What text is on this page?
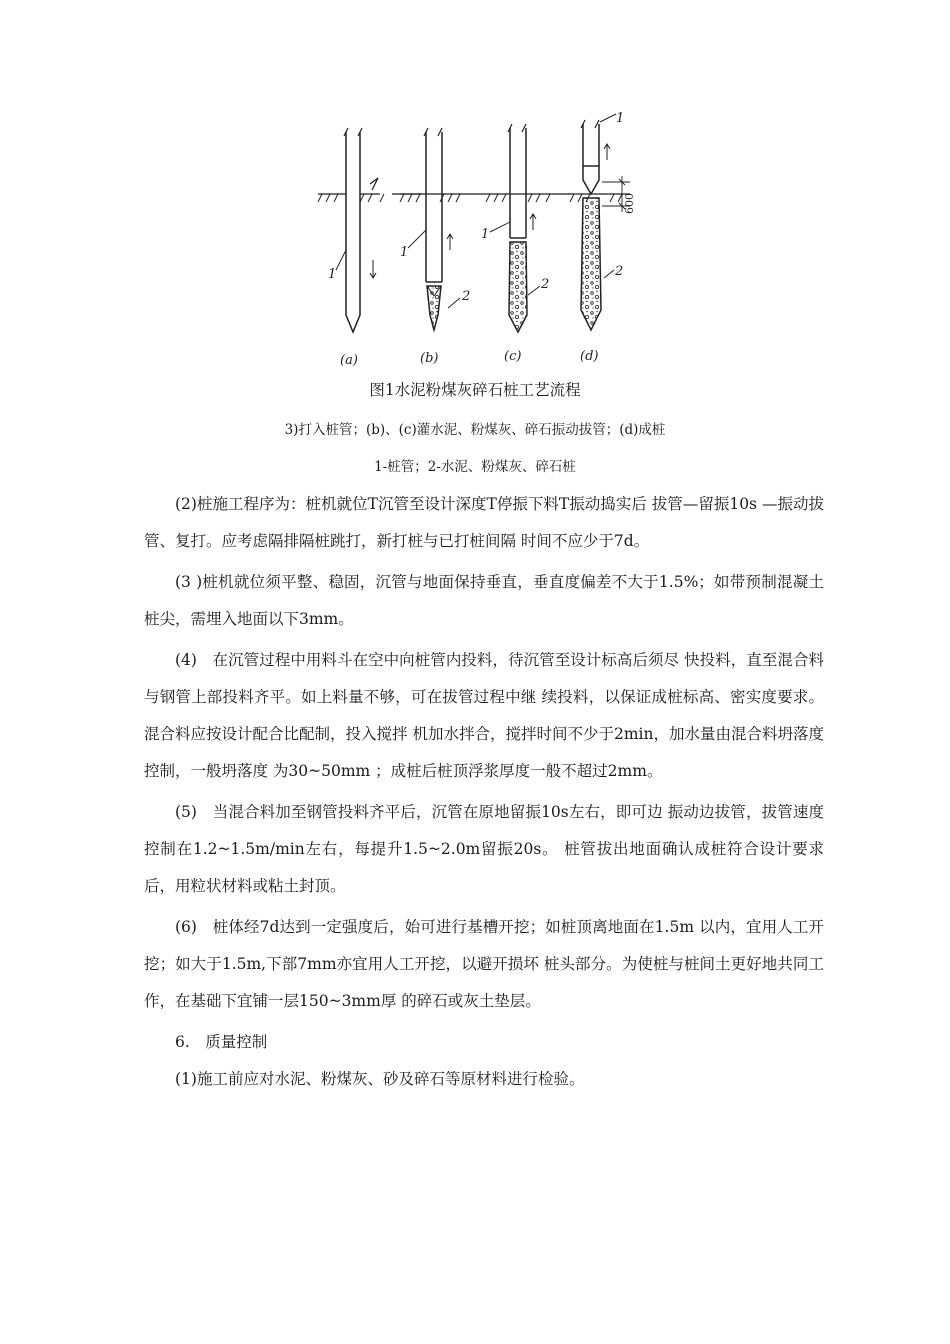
1
1
2
1
2
1
2
600
(a)	(b)	(c)	(d)
图1水泥粉煤灰碎石桩工艺流程
3)打入桩管；(b)、(c)灌水泥、粉煤灰、碎石振动拔管；(d)成桩
1-桩管；2-水泥、粉煤灰、碎石桩

(2)桩施工程序为：桩机就位T沉管至设计深度T停振下料T振动捣实后 拔管—留振10s —振动拔管、复打。应考虑隔排隔桩跳打，新打桩与已打桩间隔 时间不应少于7d。

(3 )桩机就位须平整、稳固，沉管与地面保持垂直，垂直度偏差不大于1.5%；如带预制混凝土桩尖，需埋入地面以下3mm。

(4)　在沉管过程中用料斗在空中向桩管内投料，待沉管至设计标高后须尽 快投料，直至混合料与钢管上部投料齐平。如上料量不够，可在拔管过程中继 续投料，以保证成桩标高、密实度要求。混合料应按设计配合比配制，投入搅拌 机加水拌合，搅拌时间不少于2min，加水量由混合料坍落度控制，一般坍落度 为30~50mm ；成桩后桩顶浮浆厚度一般不超过2mm。

(5)　当混合料加至钢管投料齐平后，沉管在原地留振10s左右，即可边 振动边拔管，拔管速度控制在1.2~1.5m/min左右，每提升1.5~2.0m留振20s。 桩管拔出地面确认成桩符合设计要求后，用粒状材料或粘土封顶。

(6)　桩体经7d达到一定强度后，始可进行基槽开挖；如桩顶离地面在1.5m 以内，宜用人工开挖；如大于1.5m,下部7mm亦宜用人工开挖，以避开损坏 桩头部分。为使桩与桩间土更好地共同工作，在基础下宜铺一层150~3mm厚 的碎石或灰土垫层。

6.　质量控制

(1)施工前应对水泥、粉煤灰、砂及碎石等原材料进行检验。
